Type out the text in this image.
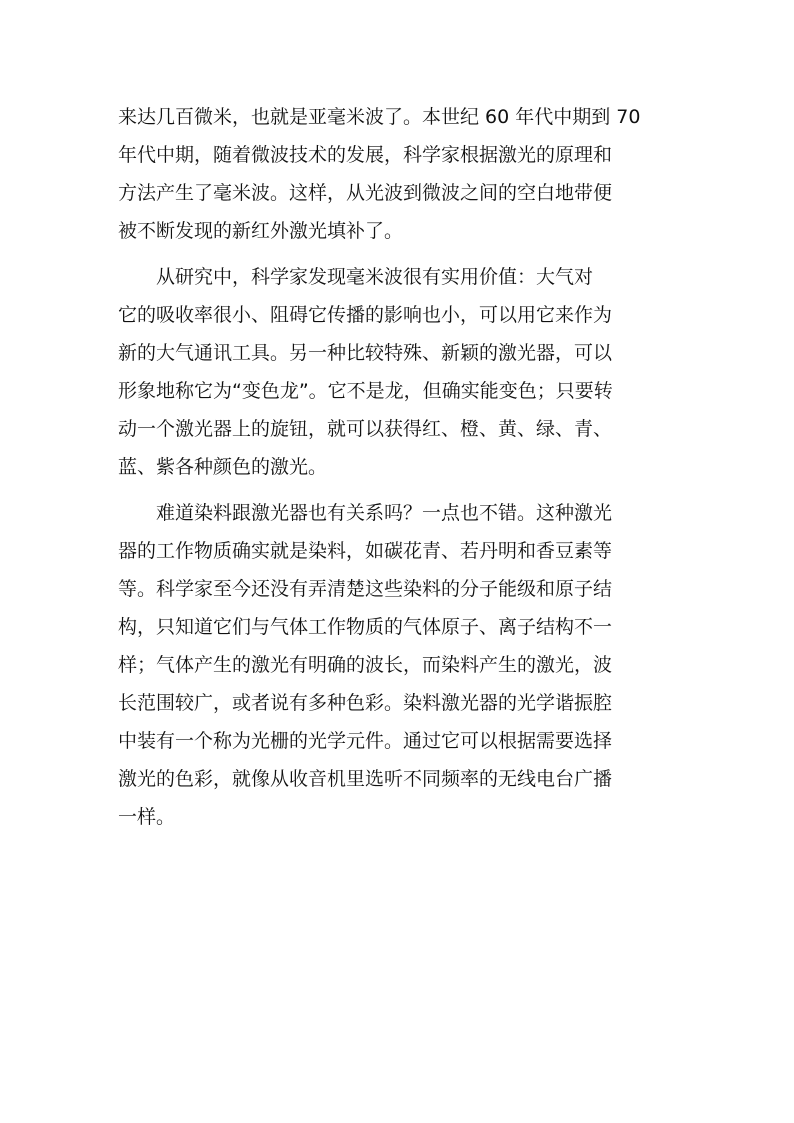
来达几百微米，也就是亚毫米波了。本世纪 60 年代中期到 70
年代中期，随着微波技术的发展，科学家根据激光的原理和
方法产生了毫米波。这样，从光波到微波之间的空白地带便
被不断发现的新红外激光填补了。
　　从研究中，科学家发现毫米波很有实用价值：大气对
它的吸收率很小、阻碍它传播的影响也小，可以用它来作为
新的大气通讯工具。另一种比较特殊、新颖的激光器，可以
形象地称它为“变色龙”。它不是龙，但确实能变色；只要转
动一个激光器上的旋钮，就可以获得红、橙、黄、绿、青、
蓝、紫各种颜色的激光。
　　难道染料跟激光器也有关系吗？一点也不错。这种激光
器的工作物质确实就是染料，如碳花青、若丹明和香豆素等
等。科学家至今还没有弄清楚这些染料的分子能级和原子结
构，只知道它们与气体工作物质的气体原子、离子结构不一
样；气体产生的激光有明确的波长，而染料产生的激光，波
长范围较广，或者说有多种色彩。染料激光器的光学谐振腔
中装有一个称为光栅的光学元件。通过它可以根据需要选择
激光的色彩，就像从收音机里选听不同频率的无线电台广播
一样。
